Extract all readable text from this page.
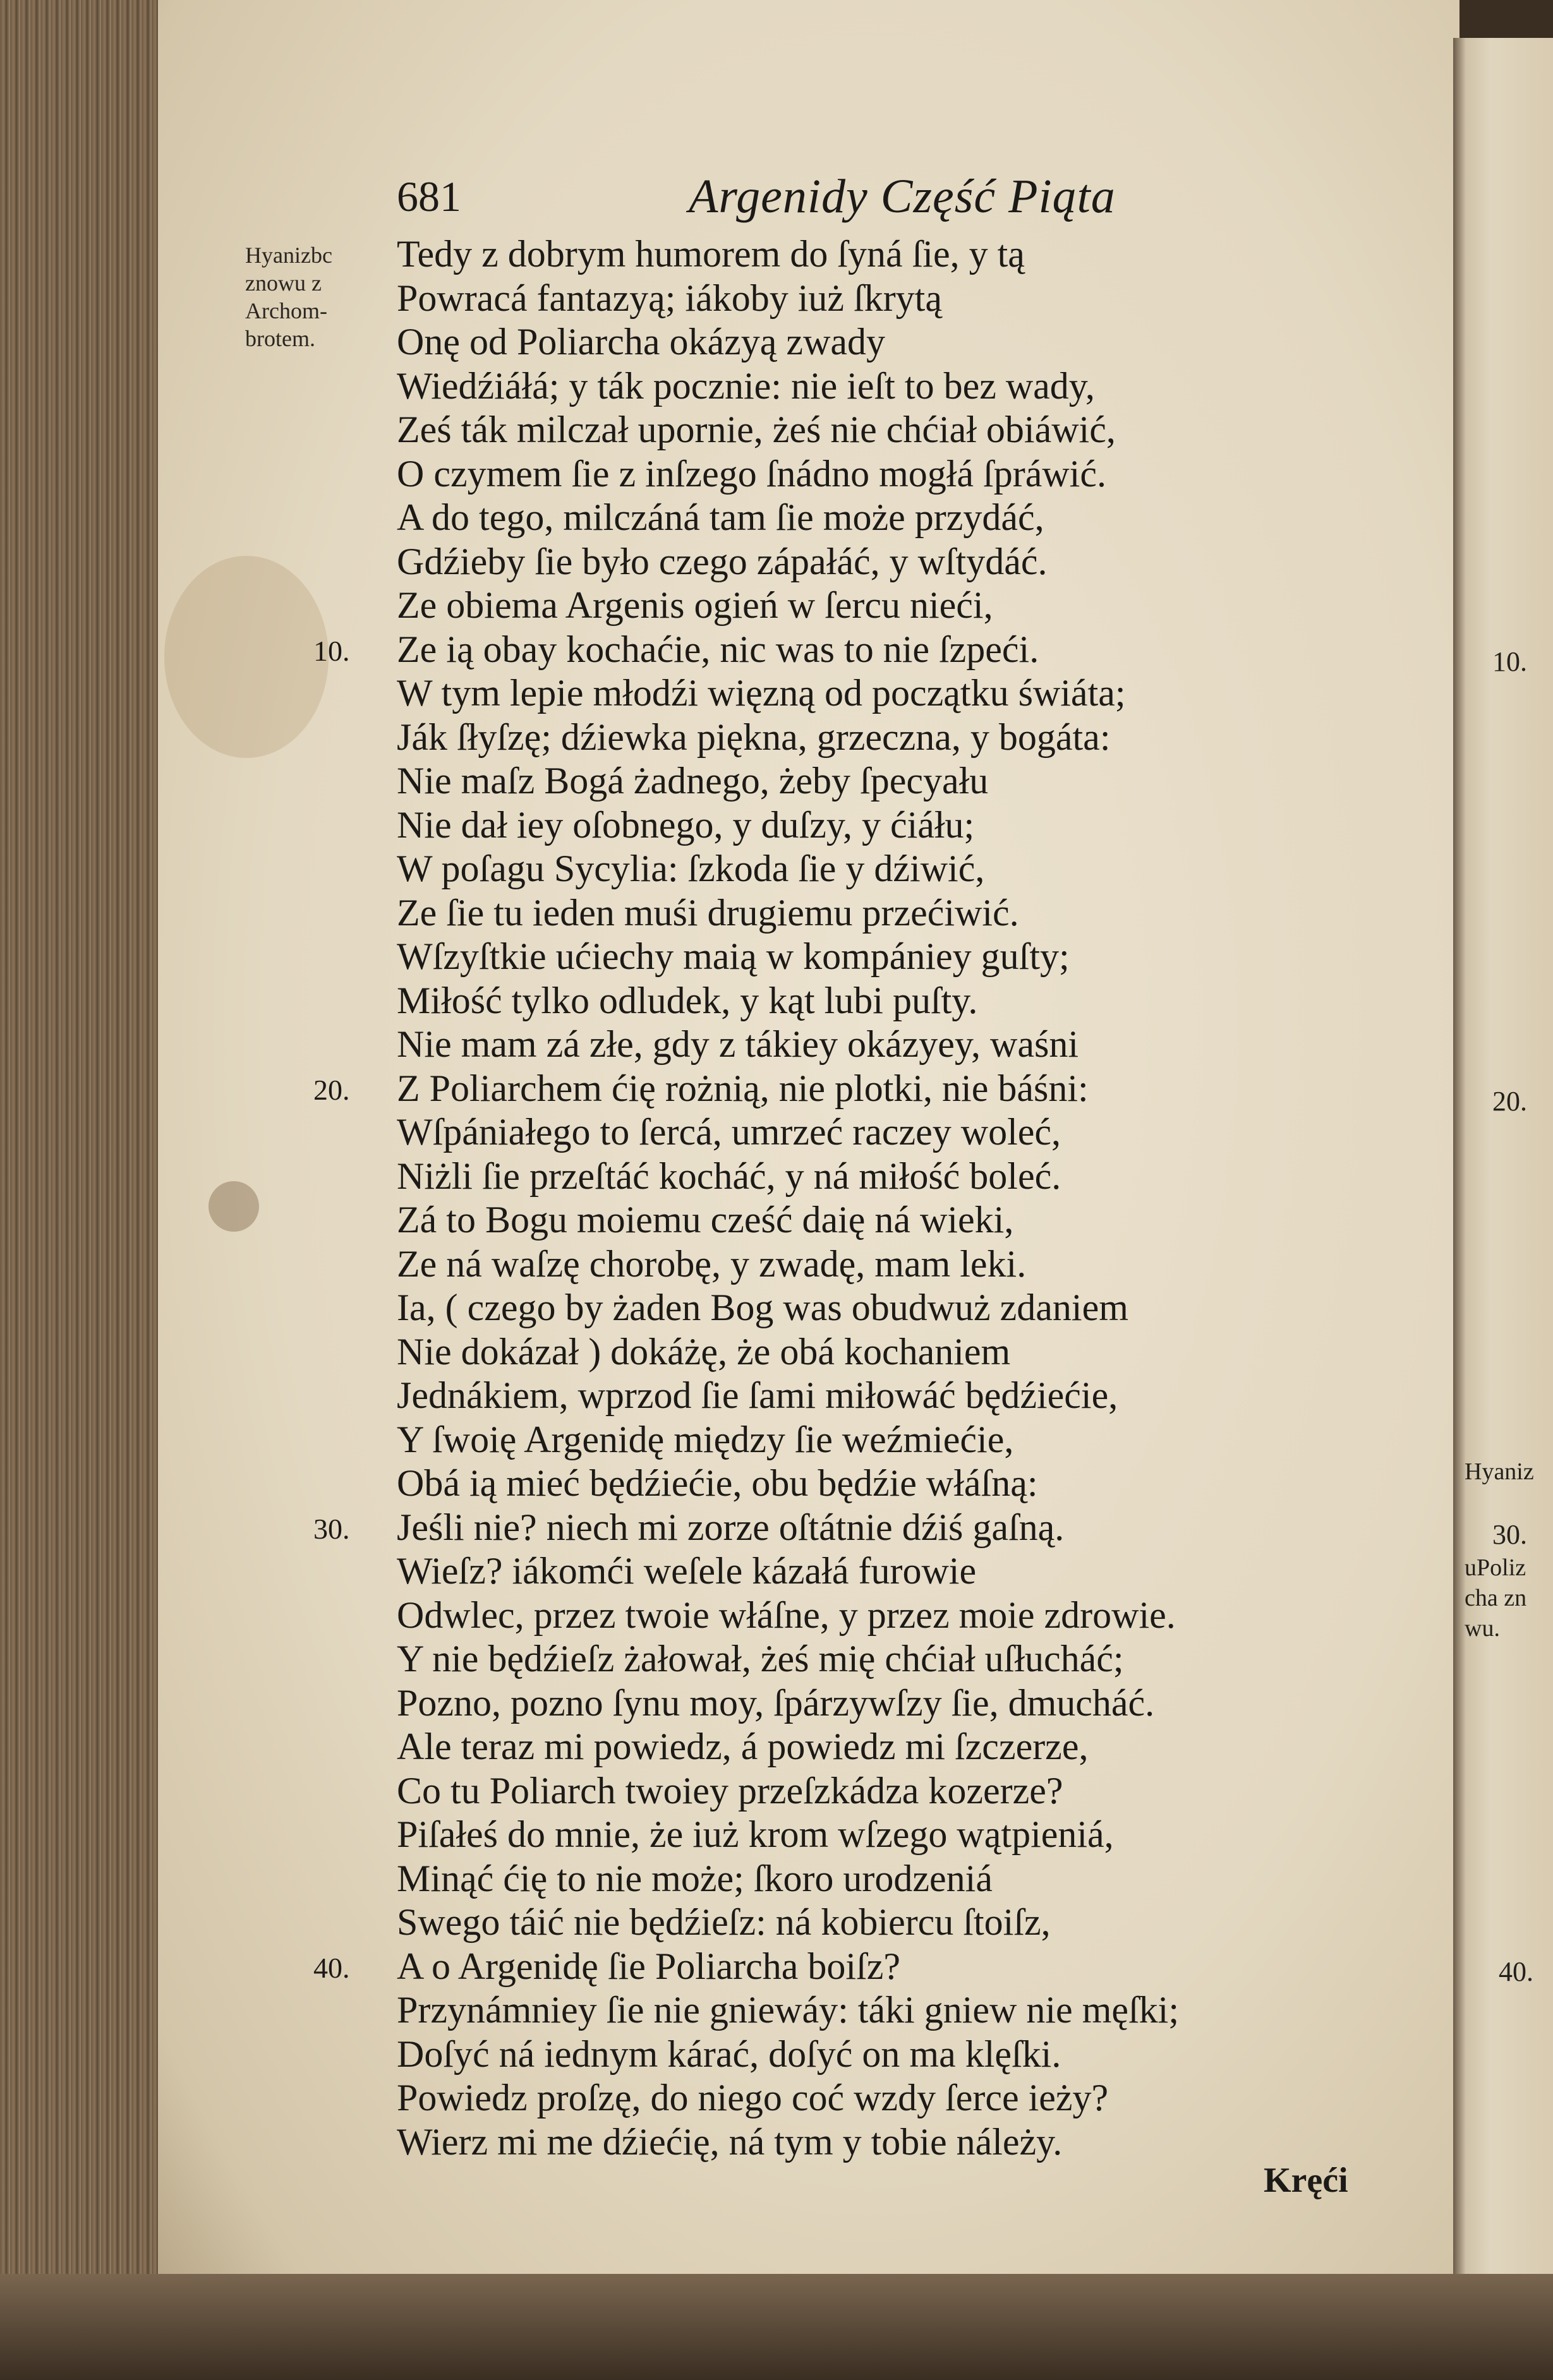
681	Argenidy Część Piąta
Hyanizbc
znowu z
Archom-
brotem.
Tedy z dobrym humorem do ſyná ſie, y tą
Powracá fantazyą; iákoby iuż ſkrytą
Onę od Poliarcha okázyą zwady
Wiedźiáłá; y ták pocznie: nie ieſt to bez wady,
Ześ ták milczał upornie, żeś nie chćiał obiáwić,
O czymem ſie z inſzego ſnádno mogłá ſpráwić.
A do tego, milczáná tam ſie może przydáć,
Gdźieby ſie było czego zápałáć, y wſtydáć.
Ze obiema Argenis ogień w ſercu nieći,
10. Ze ią obay kochaćie, nic was to nie ſzpeći.
W tym lepie młodźi więzną od początku świáta;
Ják ſłyſzę; dźiewka piękna, grzeczna, y bogáta:
Nie maſz Bogá żadnego, żeby ſpecyału
Nie dał iey oſobnego, y duſzy, y ćiáłu;
W poſagu Sycylia: ſzkoda ſie y dźiwić,
Ze ſie tu ieden muśi drugiemu przećiwić.
Wſzyſtkie ućiechy maią w kompániey guſty;
Miłość tylko odludek, y kąt lubi puſty.
Nie mam zá złe, gdy z tákiey okázyey, waśni
20. Z Poliarchem ćię rożnią, nie plotki, nie báśni:
Wſpániałego to ſercá, umrzeć raczey woleć,
Niżli ſie przeſtáć kocháć, y ná miłość boleć.
Zá to Bogu moiemu cześć daię ná wieki,
Ze ná waſzę chorobę, y zwadę, mam leki.
Ia, ( czego by żaden Bog was obudwuż zdaniem
Nie dokázał ) dokáżę, że obá kochaniem
Jednákiem, wprzod ſie ſami miłowáć będźiećie,
Y ſwoię Argenidę między ſie weźmiećie,
Obá ią mieć będźiećie, obu będźie włáſną:
30. Jeśli nie? niech mi zorze oſtátnie dźiś gaſną.
Wieſz? iákomći weſele kázałá furowie
Odwlec, przez twoie włáſne, y przez moie zdrowie.
Y nie będźieſz żałował, żeś mię chćiał uſłucháć;
Pozno, pozno ſynu moy, ſpárzywſzy ſie, dmucháć.
Ale teraz mi powiedz, á powiedz mi ſzczerze,
Co tu Poliarch twoiey przeſzkádza kozerze?
Piſałeś do mnie, że iuż krom wſzego wątpieniá,
Minąć ćię to nie może; ſkoro urodzeniá
Swego táić nie będźieſz: ná kobiercu ſtoiſz,
40. A o Argenidę ſie Poliarcha boiſz?
Przynámniey ſie nie gniewáy: táki gniew nie męſki;
Doſyć ná iednym kárać, doſyć on ma klęſki.
Powiedz proſzę, do niego coć wzdy ſerce ieży?
Wierz mi me dźiećię, ná tym y tobie náleży.
Kręći
10.
20.
Hyaniz
30.
uPoliz
cha zn
wu.
40.
